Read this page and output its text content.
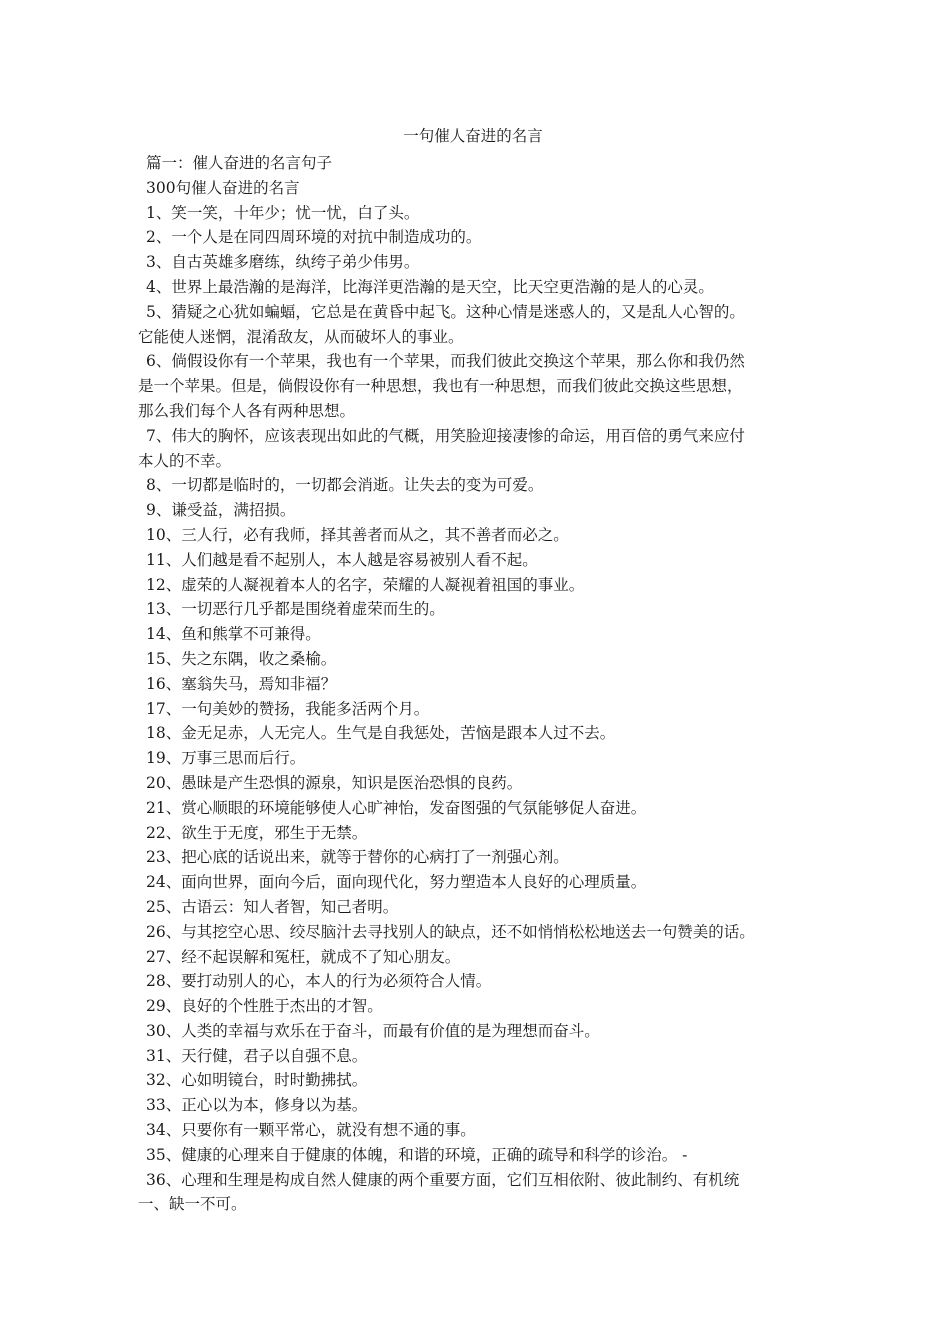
一句催人奋进的名言
篇一：催人奋进的名言句子
300句催人奋进的名言
1、笑一笑，十年少；忧一忧，白了头。
2、一个人是在同四周环境的对抗中制造成功的。
3、自古英雄多磨练，纨绔子弟少伟男。
4、世界上最浩瀚的是海洋，比海洋更浩瀚的是天空，比天空更浩瀚的是人的心灵。
5、猜疑之心犹如蝙蝠，它总是在黄昏中起飞。这种心情是迷惑人的，又是乱人心智的。
它能使人迷惘，混淆敌友，从而破坏人的事业。
6、倘假设你有一个苹果，我也有一个苹果，而我们彼此交换这个苹果，那么你和我仍然
是一个苹果。但是，倘假设你有一种思想，我也有一种思想，而我们彼此交换这些思想，
那么我们每个人各有两种思想。
7、伟大的胸怀，应该表现出如此的气概，用笑脸迎接凄惨的命运，用百倍的勇气来应付
本人的不幸。
8、一切都是临时的，一切都会消逝。让失去的变为可爱。
9、谦受益，满招损。
10、三人行，必有我师，择其善者而从之，其不善者而必之。
11、人们越是看不起别人，本人越是容易被别人看不起。
12、虚荣的人凝视着本人的名字，荣耀的人凝视着祖国的事业。
13、一切恶行几乎都是围绕着虚荣而生的。
14、鱼和熊掌不可兼得。
15、失之东隅，收之桑榆。
16、塞翁失马，焉知非福？
17、一句美妙的赞扬，我能多活两个月。
18、金无足赤，人无完人。生气是自我惩处，苦恼是跟本人过不去。
19、万事三思而后行。
20、愚昧是产生恐惧的源泉，知识是医治恐惧的良药。
21、赏心顺眼的环境能够使人心旷神怡，发奋图强的气氛能够促人奋进。
22、欲生于无度，邪生于无禁。
23、把心底的话说出来，就等于替你的心病打了一剂强心剂。
24、面向世界，面向今后，面向现代化，努力塑造本人良好的心理质量。
25、古语云：知人者智，知己者明。
26、与其挖空心思、绞尽脑汁去寻找别人的缺点，还不如悄悄松松地送去一句赞美的话。
27、经不起误解和冤枉，就成不了知心朋友。
28、要打动别人的心，本人的行为必须符合人情。
29、良好的个性胜于杰出的才智。
30、人类的幸福与欢乐在于奋斗，而最有价值的是为理想而奋斗。
31、天行健，君子以自强不息。
32、心如明镜台，时时勤拂拭。
33、正心以为本，修身以为基。
34、只要你有一颗平常心，就没有想不通的事。
35、健康的心理来自于健康的体魄，和谐的环境，正确的疏导和科学的诊治。 -
36、心理和生理是构成自然人健康的两个重要方面，它们互相依附、彼此制约、有机统
一、缺一不可。
